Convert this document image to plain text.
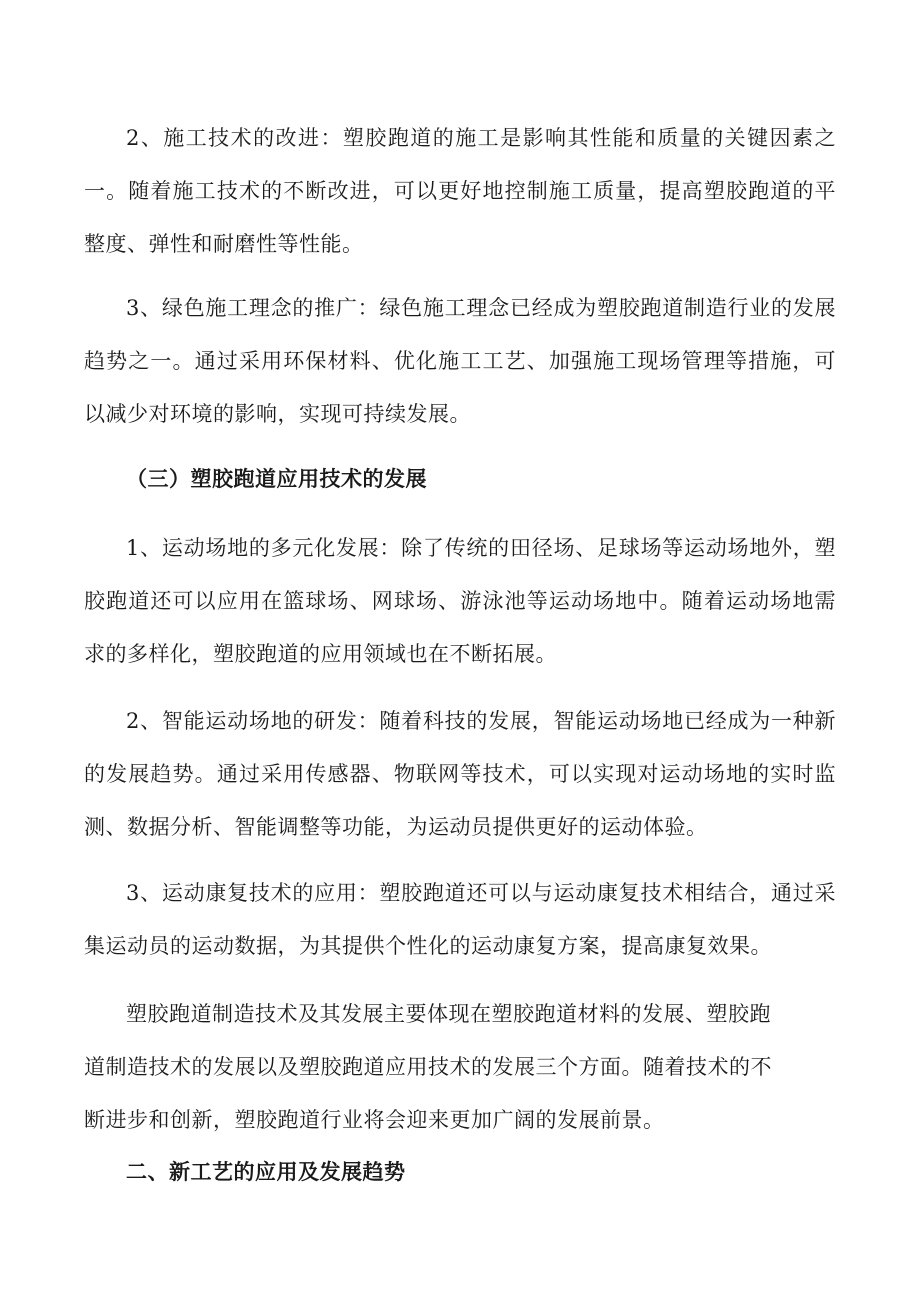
2、施工技术的改进：塑胶跑道的施工是影响其性能和质量的关键因素之一。随着施工技术的不断改进，可以更好地控制施工质量，提高塑胶跑道的平整度、弹性和耐磨性等性能。

3、绿色施工理念的推广：绿色施工理念已经成为塑胶跑道制造行业的发展趋势之一。通过采用环保材料、优化施工工艺、加强施工现场管理等措施，可以减少对环境的影响，实现可持续发展。

（三）塑胶跑道应用技术的发展

1、运动场地的多元化发展：除了传统的田径场、足球场等运动场地外，塑胶跑道还可以应用在篮球场、网球场、游泳池等运动场地中。随着运动场地需求的多样化，塑胶跑道的应用领域也在不断拓展。

2、智能运动场地的研发：随着科技的发展，智能运动场地已经成为一种新的发展趋势。通过采用传感器、物联网等技术，可以实现对运动场地的实时监测、数据分析、智能调整等功能，为运动员提供更好的运动体验。

3、运动康复技术的应用：塑胶跑道还可以与运动康复技术相结合，通过采集运动员的运动数据，为其提供个性化的运动康复方案，提高康复效果。

塑胶跑道制造技术及其发展主要体现在塑胶跑道材料的发展、塑胶跑道制造技术的发展以及塑胶跑道应用技术的发展三个方面。随着技术的不断进步和创新，塑胶跑道行业将会迎来更加广阔的发展前景。

二、新工艺的应用及发展趋势
